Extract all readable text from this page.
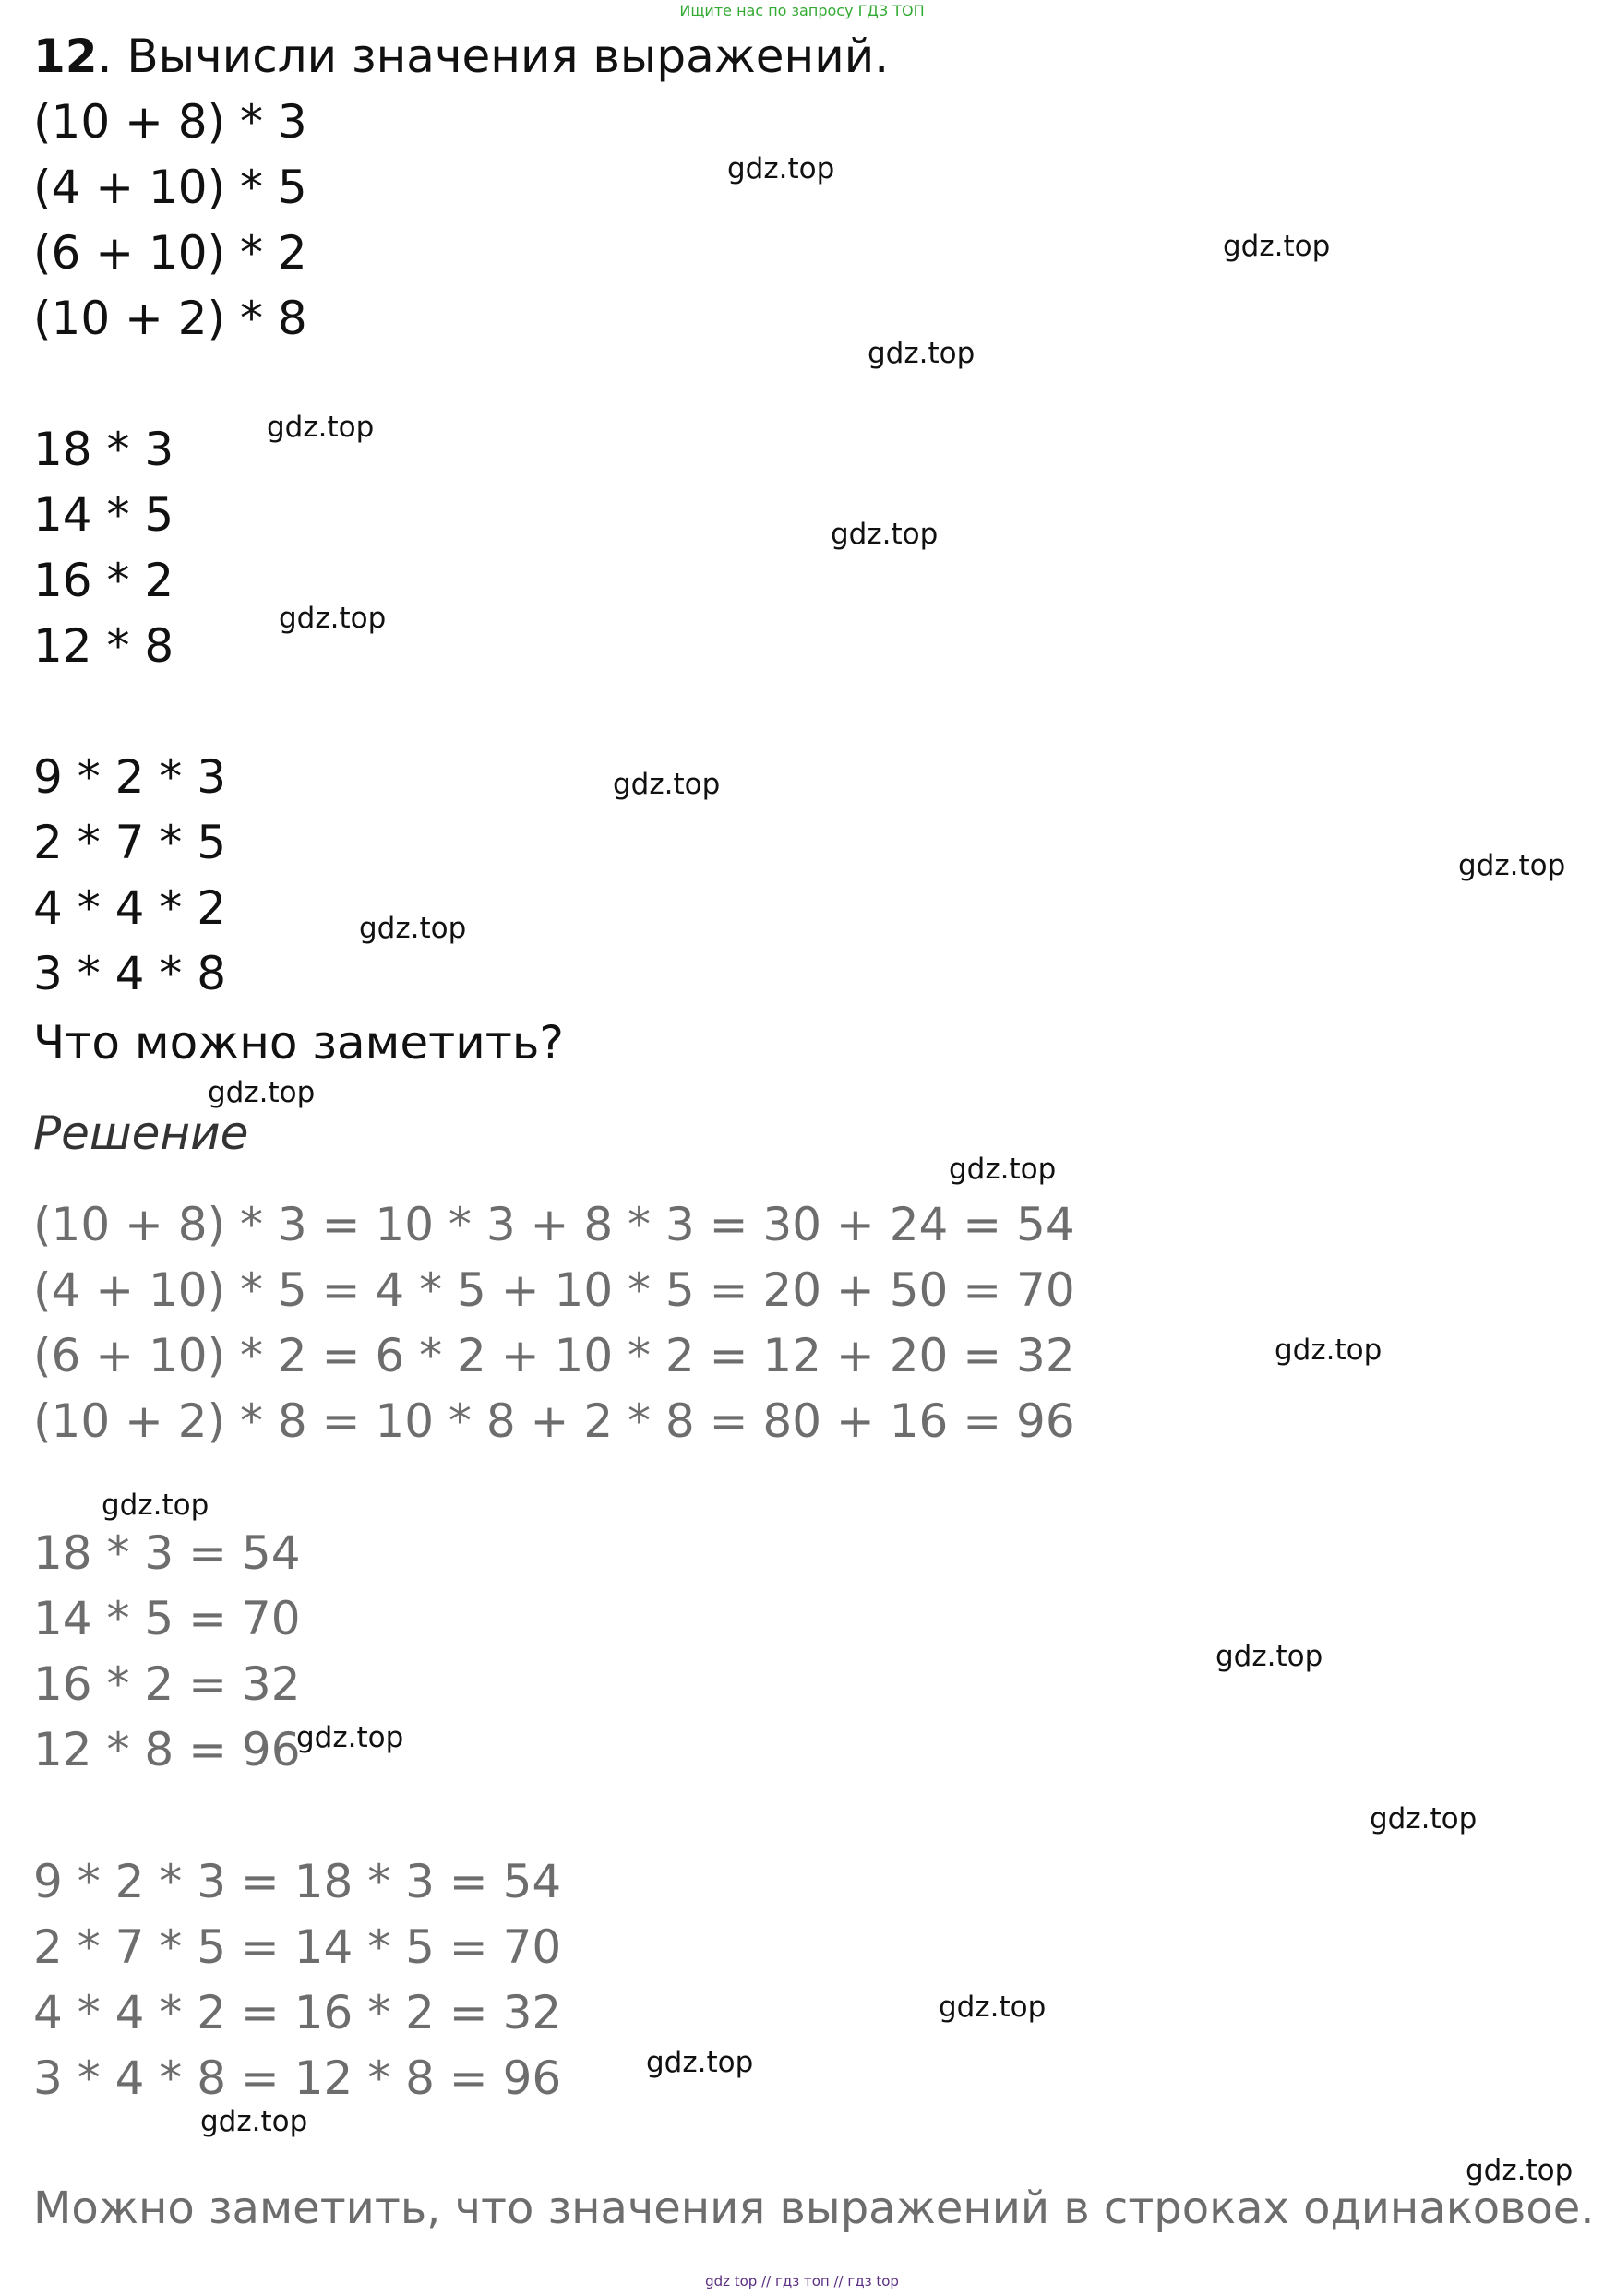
Ищите нас по запросу ГДЗ ТОП
12. Вычисли значения выражений.
(10 + 8) * 3
(4 + 10) * 5
(6 + 10) * 2
(10 + 2) * 8
18 * 3
14 * 5
16 * 2
12 * 8
9 * 2 * 3
2 * 7 * 5
4 * 4 * 2
3 * 4 * 8
Что можно заметить?
Решение
(10 + 8) * 3 = 10 * 3 + 8 * 3 = 30 + 24 = 54
(4 + 10) * 5 = 4 * 5 + 10 * 5 = 20 + 50 = 70
(6 + 10) * 2 = 6 * 2 + 10 * 2 = 12 + 20 = 32
(10 + 2) * 8 = 10 * 8 + 2 * 8 = 80 + 16 = 96
18 * 3 = 54
14 * 5 = 70
16 * 2 = 32
12 * 8 = 96
9 * 2 * 3 = 18 * 3 = 54
2 * 7 * 5 = 14 * 5 = 70
4 * 4 * 2 = 16 * 2 = 32
3 * 4 * 8 = 12 * 8 = 96
Можно заметить, что значения выражений в строках одинаковое.
gdz.top
gdz.top
gdz.top
gdz.top
gdz.top
gdz.top
gdz.top
gdz.top
gdz.top
gdz.top
gdz.top
gdz.top
gdz.top
gdz.top
gdz.top
gdz.top
gdz.top
gdz.top
gdz.top
gdz.top
gdz top // гдз топ // гдз top
